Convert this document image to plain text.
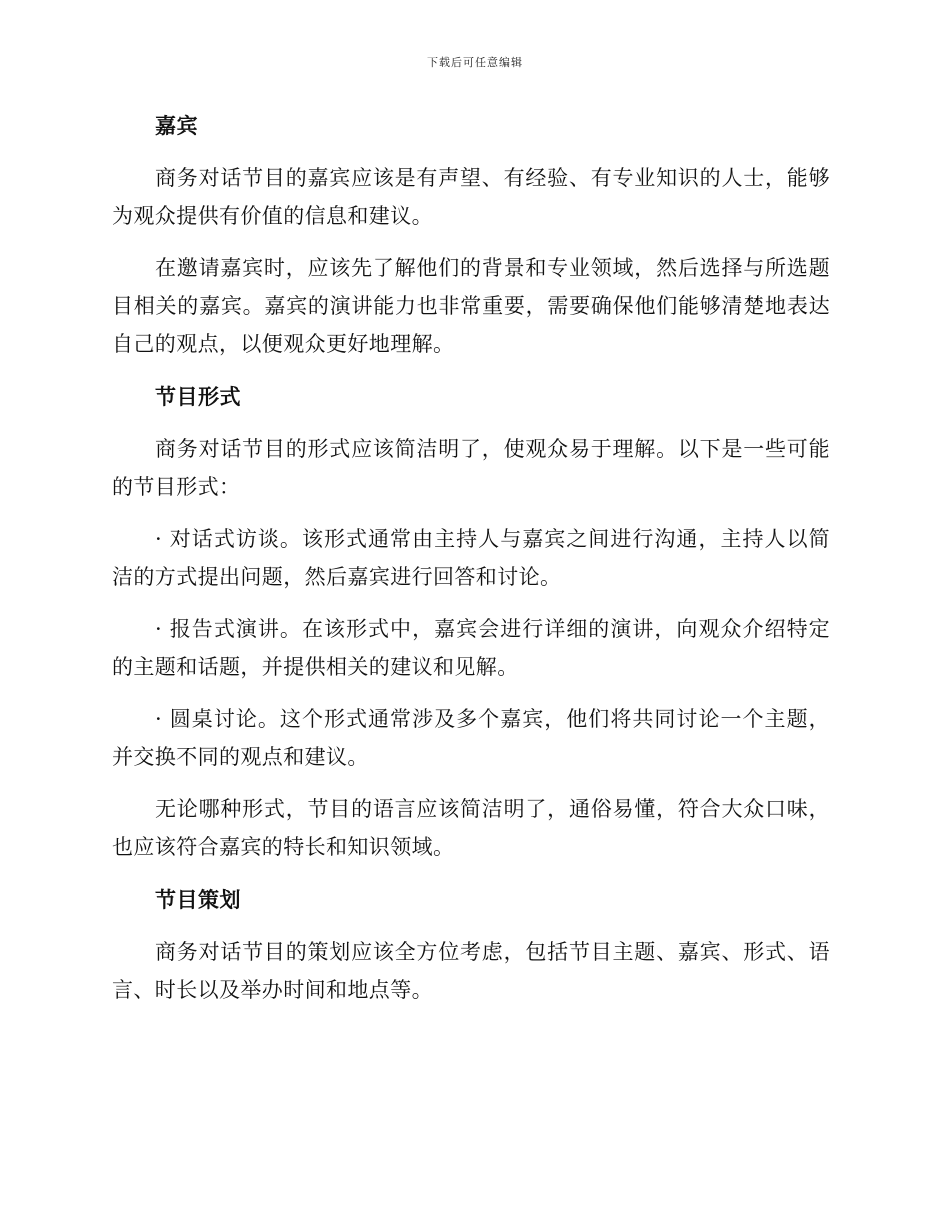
下载后可任意编辑
嘉宾

商务对话节目的嘉宾应该是有声望、有经验、有专业知识的人士，能够为观众提供有价值的信息和建议。

在邀请嘉宾时，应该先了解他们的背景和专业领域，然后选择与所选题目相关的嘉宾。嘉宾的演讲能力也非常重要，需要确保他们能够清楚地表达自己的观点，以便观众更好地理解。

节目形式

商务对话节目的形式应该简洁明了，使观众易于理解。以下是一些可能的节目形式：

· 对话式访谈。该形式通常由主持人与嘉宾之间进行沟通，主持人以简洁的方式提出问题，然后嘉宾进行回答和讨论。

· 报告式演讲。在该形式中，嘉宾会进行详细的演讲，向观众介绍特定的主题和话题，并提供相关的建议和见解。

· 圆桌讨论。这个形式通常涉及多个嘉宾，他们将共同讨论一个主题，并交换不同的观点和建议。

无论哪种形式，节目的语言应该简洁明了，通俗易懂，符合大众口味，也应该符合嘉宾的特长和知识领域。

节目策划

商务对话节目的策划应该全方位考虑，包括节目主题、嘉宾、形式、语言、时长以及举办时间和地点等。
